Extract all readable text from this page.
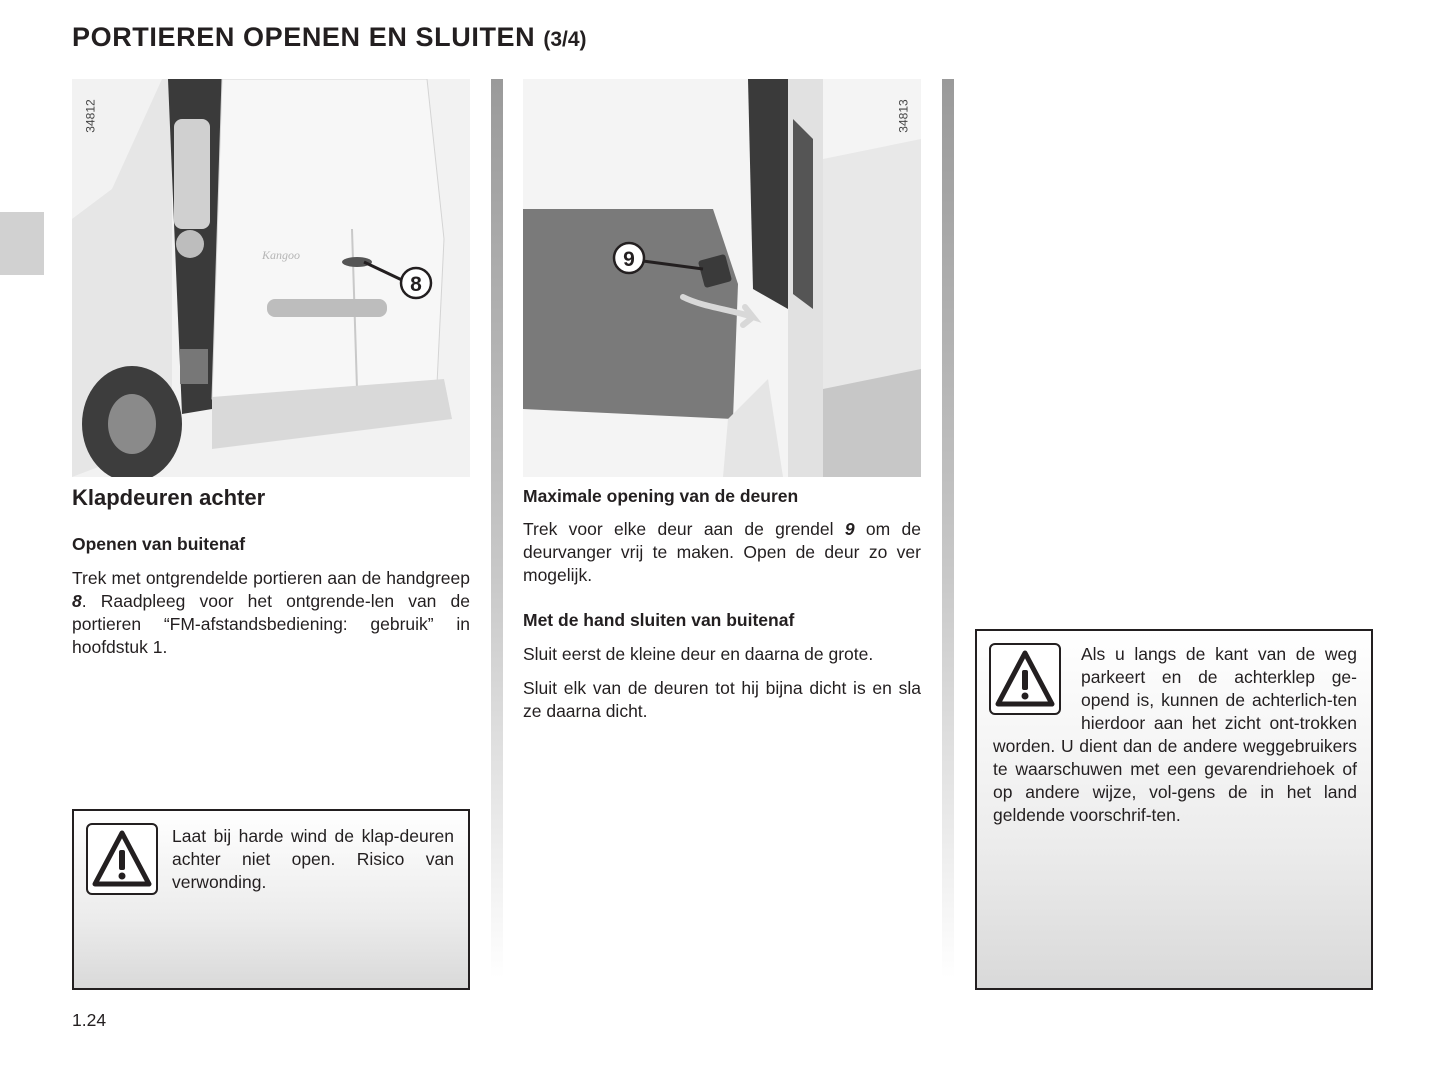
PORTIEREN OPENEN EN SLUITEN (3/4)
8
Kangoo
34812
9
34813
Klapdeuren achter
Openen van buitenaf
Trek met ontgrendelde portieren aan de handgreep 8. Raadpleeg voor het ontgrende-len van de portieren “FM-afstandsbediening: gebruik” in hoofdstuk 1.
Laat bij harde wind de klap-deuren achter niet open. Risico van verwonding.
Maximale opening van de deuren
Trek voor elke deur aan de grendel 9 om de deurvanger vrij te maken. Open de deur zo ver mogelijk.
Met de hand sluiten van buitenaf
Sluit eerst de kleine deur en daarna de grote.
Sluit elk van de deuren tot hij bijna dicht is en sla ze daarna dicht.
Als u langs de kant van de weg parkeert en de achterklep ge-opend is, kunnen de achterlich-ten hierdoor aan het zicht ont-trokken worden. U dient dan de andere weggebruikers te waarschuwen met een gevarendriehoek of op andere wijze, vol-gens de in het land geldende voorschrif-ten.
1.24
